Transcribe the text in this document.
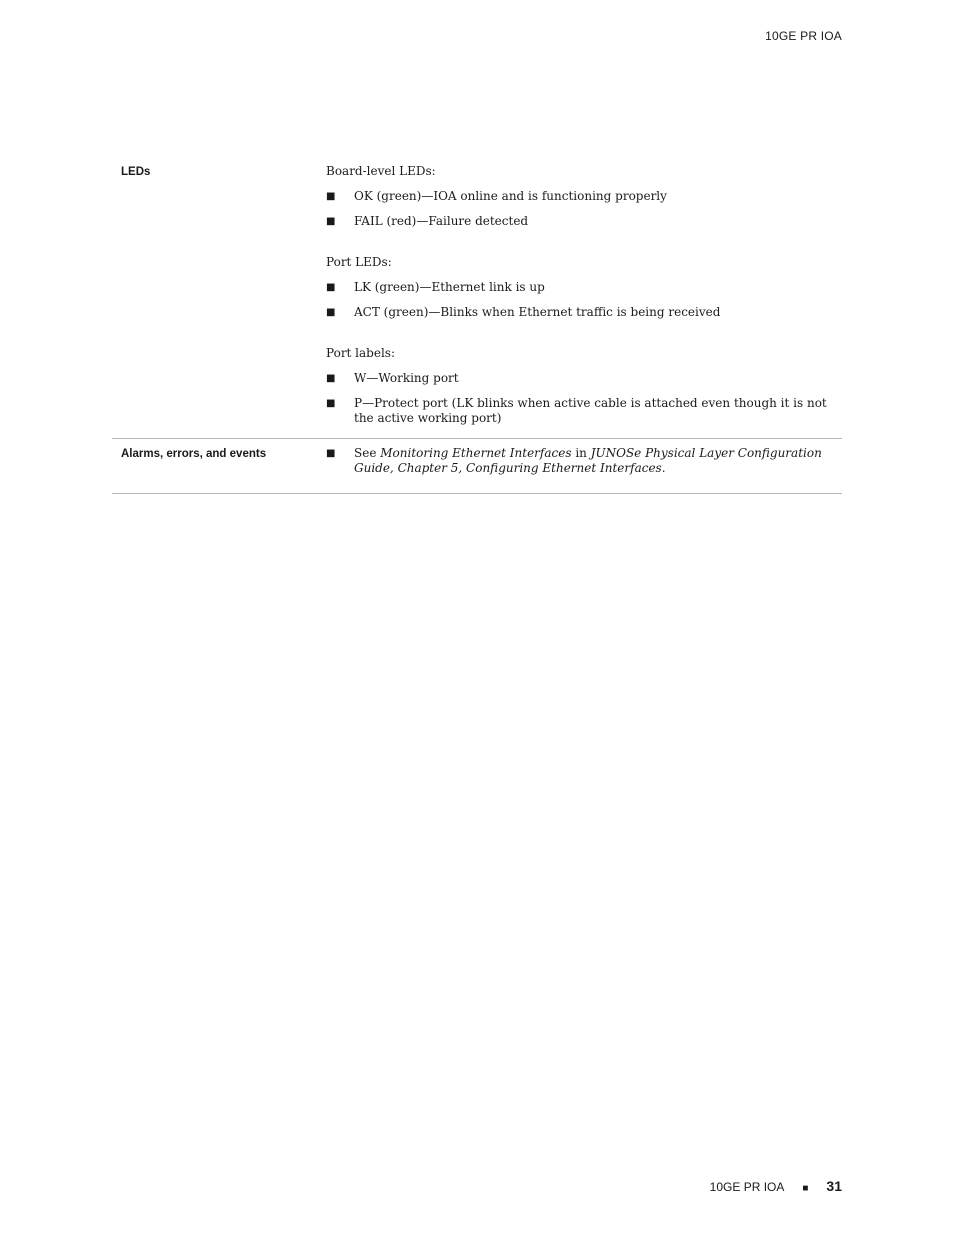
10GE PR IOA
LEDs	Board-level LEDs:

■	OK (green)—IOA online and is functioning properly
■	FAIL (red)—Failure detected

Port LEDs:

■	LK (green)—Ethernet link is up
■	ACT (green)—Blinks when Ethernet traffic is being received

Port labels:

■	W—Working port
■	P—Protect port (LK blinks when active cable is attached even though it is not the active working port)
Alarms, errors, and events	■	See Monitoring Ethernet Interfaces in JUNOSe Physical Layer Configuration Guide, Chapter 5, Configuring Ethernet Interfaces.
10GE PR IOA ■ 31
